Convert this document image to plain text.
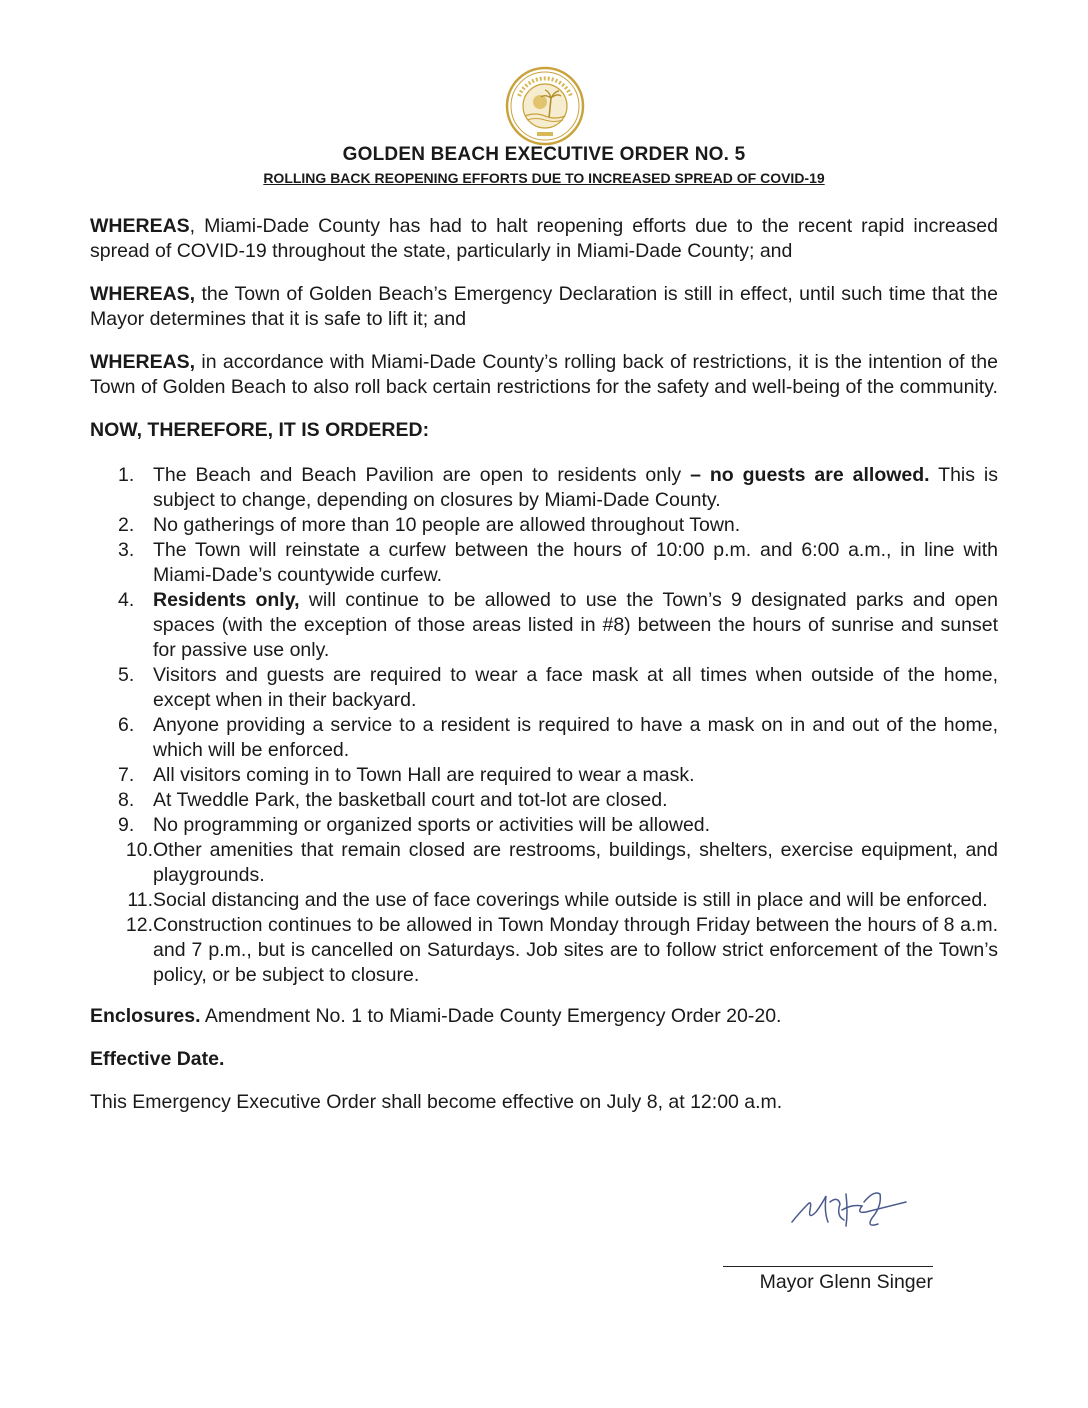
GOLDEN BEACH EXECUTIVE ORDER NO. 5
ROLLING BACK REOPENING EFFORTS DUE TO INCREASED SPREAD OF COVID-19

WHEREAS, Miami-Dade County has had to halt reopening efforts due to the recent rapid increased spread of COVID-19 throughout the state, particularly in Miami-Dade County; and

WHEREAS, the Town of Golden Beach’s Emergency Declaration is still in effect, until such time that the Mayor determines that it is safe to lift it; and

WHEREAS, in accordance with Miami-Dade County’s rolling back of restrictions, it is the intention of the Town of Golden Beach to also roll back certain restrictions for the safety and well-being of the community.

NOW, THEREFORE, IT IS ORDERED:

1. The Beach and Beach Pavilion are open to residents only – no guests are allowed. This is subject to change, depending on closures by Miami-Dade County.
2. No gatherings of more than 10 people are allowed throughout Town.
3. The Town will reinstate a curfew between the hours of 10:00 p.m. and 6:00 a.m., in line with Miami-Dade’s countywide curfew.
4. Residents only, will continue to be allowed to use the Town’s 9 designated parks and open spaces (with the exception of those areas listed in #8) between the hours of sunrise and sunset for passive use only.
5. Visitors and guests are required to wear a face mask at all times when outside of the home, except when in their backyard.
6. Anyone providing a service to a resident is required to have a mask on in and out of the home, which will be enforced.
7. All visitors coming in to Town Hall are required to wear a mask.
8. At Tweddle Park, the basketball court and tot-lot are closed.
9. No programming or organized sports or activities will be allowed.
10. Other amenities that remain closed are restrooms, buildings, shelters, exercise equipment, and playgrounds.
11. Social distancing and the use of face coverings while outside is still in place and will be enforced.
12. Construction continues to be allowed in Town Monday through Friday between the hours of 8 a.m. and 7 p.m., but is cancelled on Saturdays. Job sites are to follow strict enforcement of the Town’s policy, or be subject to closure.

Enclosures. Amendment No. 1 to Miami-Dade County Emergency Order 20-20.

Effective Date.

This Emergency Executive Order shall become effective on July 8, at 12:00 a.m.

Mayor Glenn Singer
